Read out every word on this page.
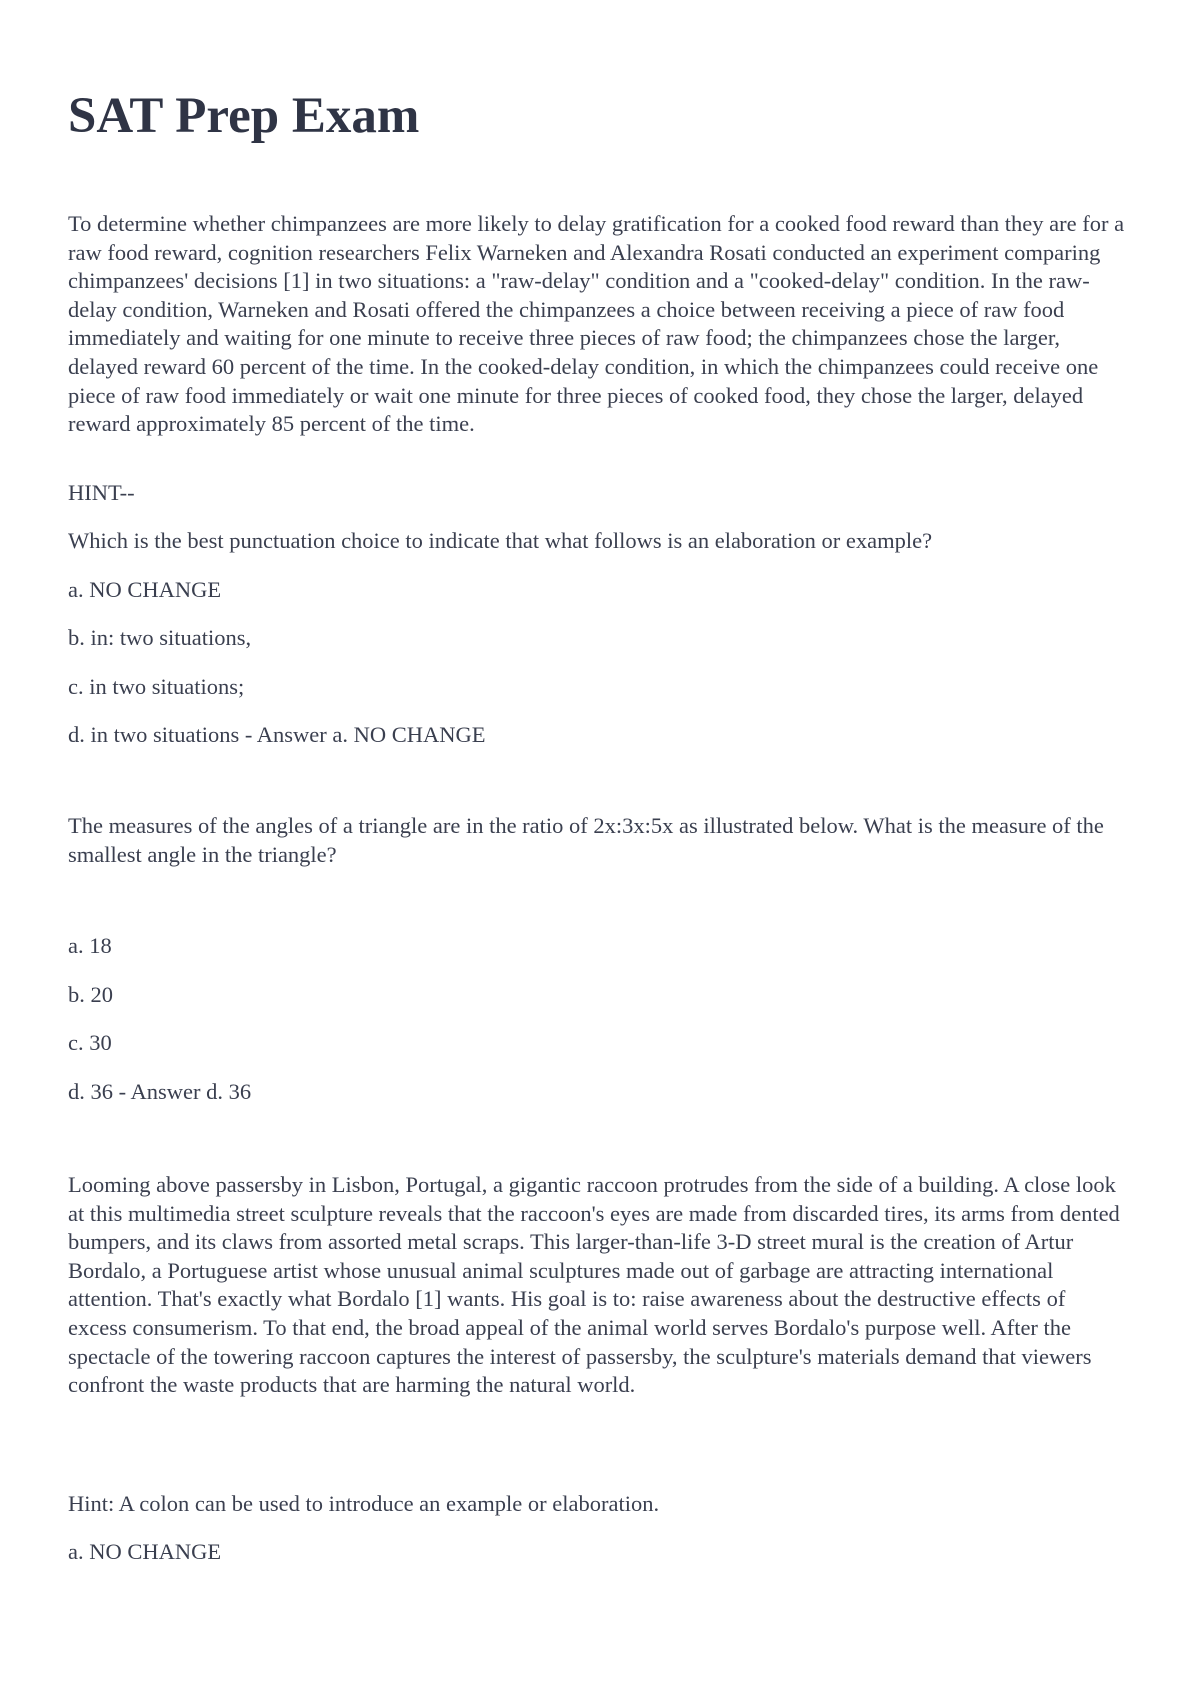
SAT Prep Exam

To determine whether chimpanzees are more likely to delay gratification for a cooked food reward than they are for a raw food reward, cognition researchers Felix Warneken and Alexandra Rosati conducted an experiment comparing chimpanzees' decisions [1] in two situations: a "raw-delay" condition and a "cooked-delay" condition. In the raw-delay condition, Warneken and Rosati offered the chimpanzees a choice between receiving a piece of raw food immediately and waiting for one minute to receive three pieces of raw food; the chimpanzees chose the larger, delayed reward 60 percent of the time. In the cooked-delay condition, in which the chimpanzees could receive one piece of raw food immediately or wait one minute for three pieces of cooked food, they chose the larger, delayed reward approximately 85 percent of the time.

HINT--

Which is the best punctuation choice to indicate that what follows is an elaboration or example?

a. NO CHANGE

b. in: two situations,

c. in two situations;

d. in two situations - Answer a. NO CHANGE

The measures of the angles of a triangle are in the ratio of 2x:3x:5x as illustrated below. What is the measure of the smallest angle in the triangle?

a. 18

b. 20

c. 30

d. 36 - Answer d. 36

Looming above passersby in Lisbon, Portugal, a gigantic raccoon protrudes from the side of a building. A close look at this multimedia street sculpture reveals that the raccoon's eyes are made from discarded tires, its arms from dented bumpers, and its claws from assorted metal scraps. This larger-than-life 3-D street mural is the creation of Artur Bordalo, a Portuguese artist whose unusual animal sculptures made out of garbage are attracting international attention. That's exactly what Bordalo [1] wants. His goal is to: raise awareness about the destructive effects of excess consumerism. To that end, the broad appeal of the animal world serves Bordalo's purpose well. After the spectacle of the towering raccoon captures the interest of passersby, the sculpture's materials demand that viewers confront the waste products that are harming the natural world.

Hint: A colon can be used to introduce an example or elaboration.

a. NO CHANGE
